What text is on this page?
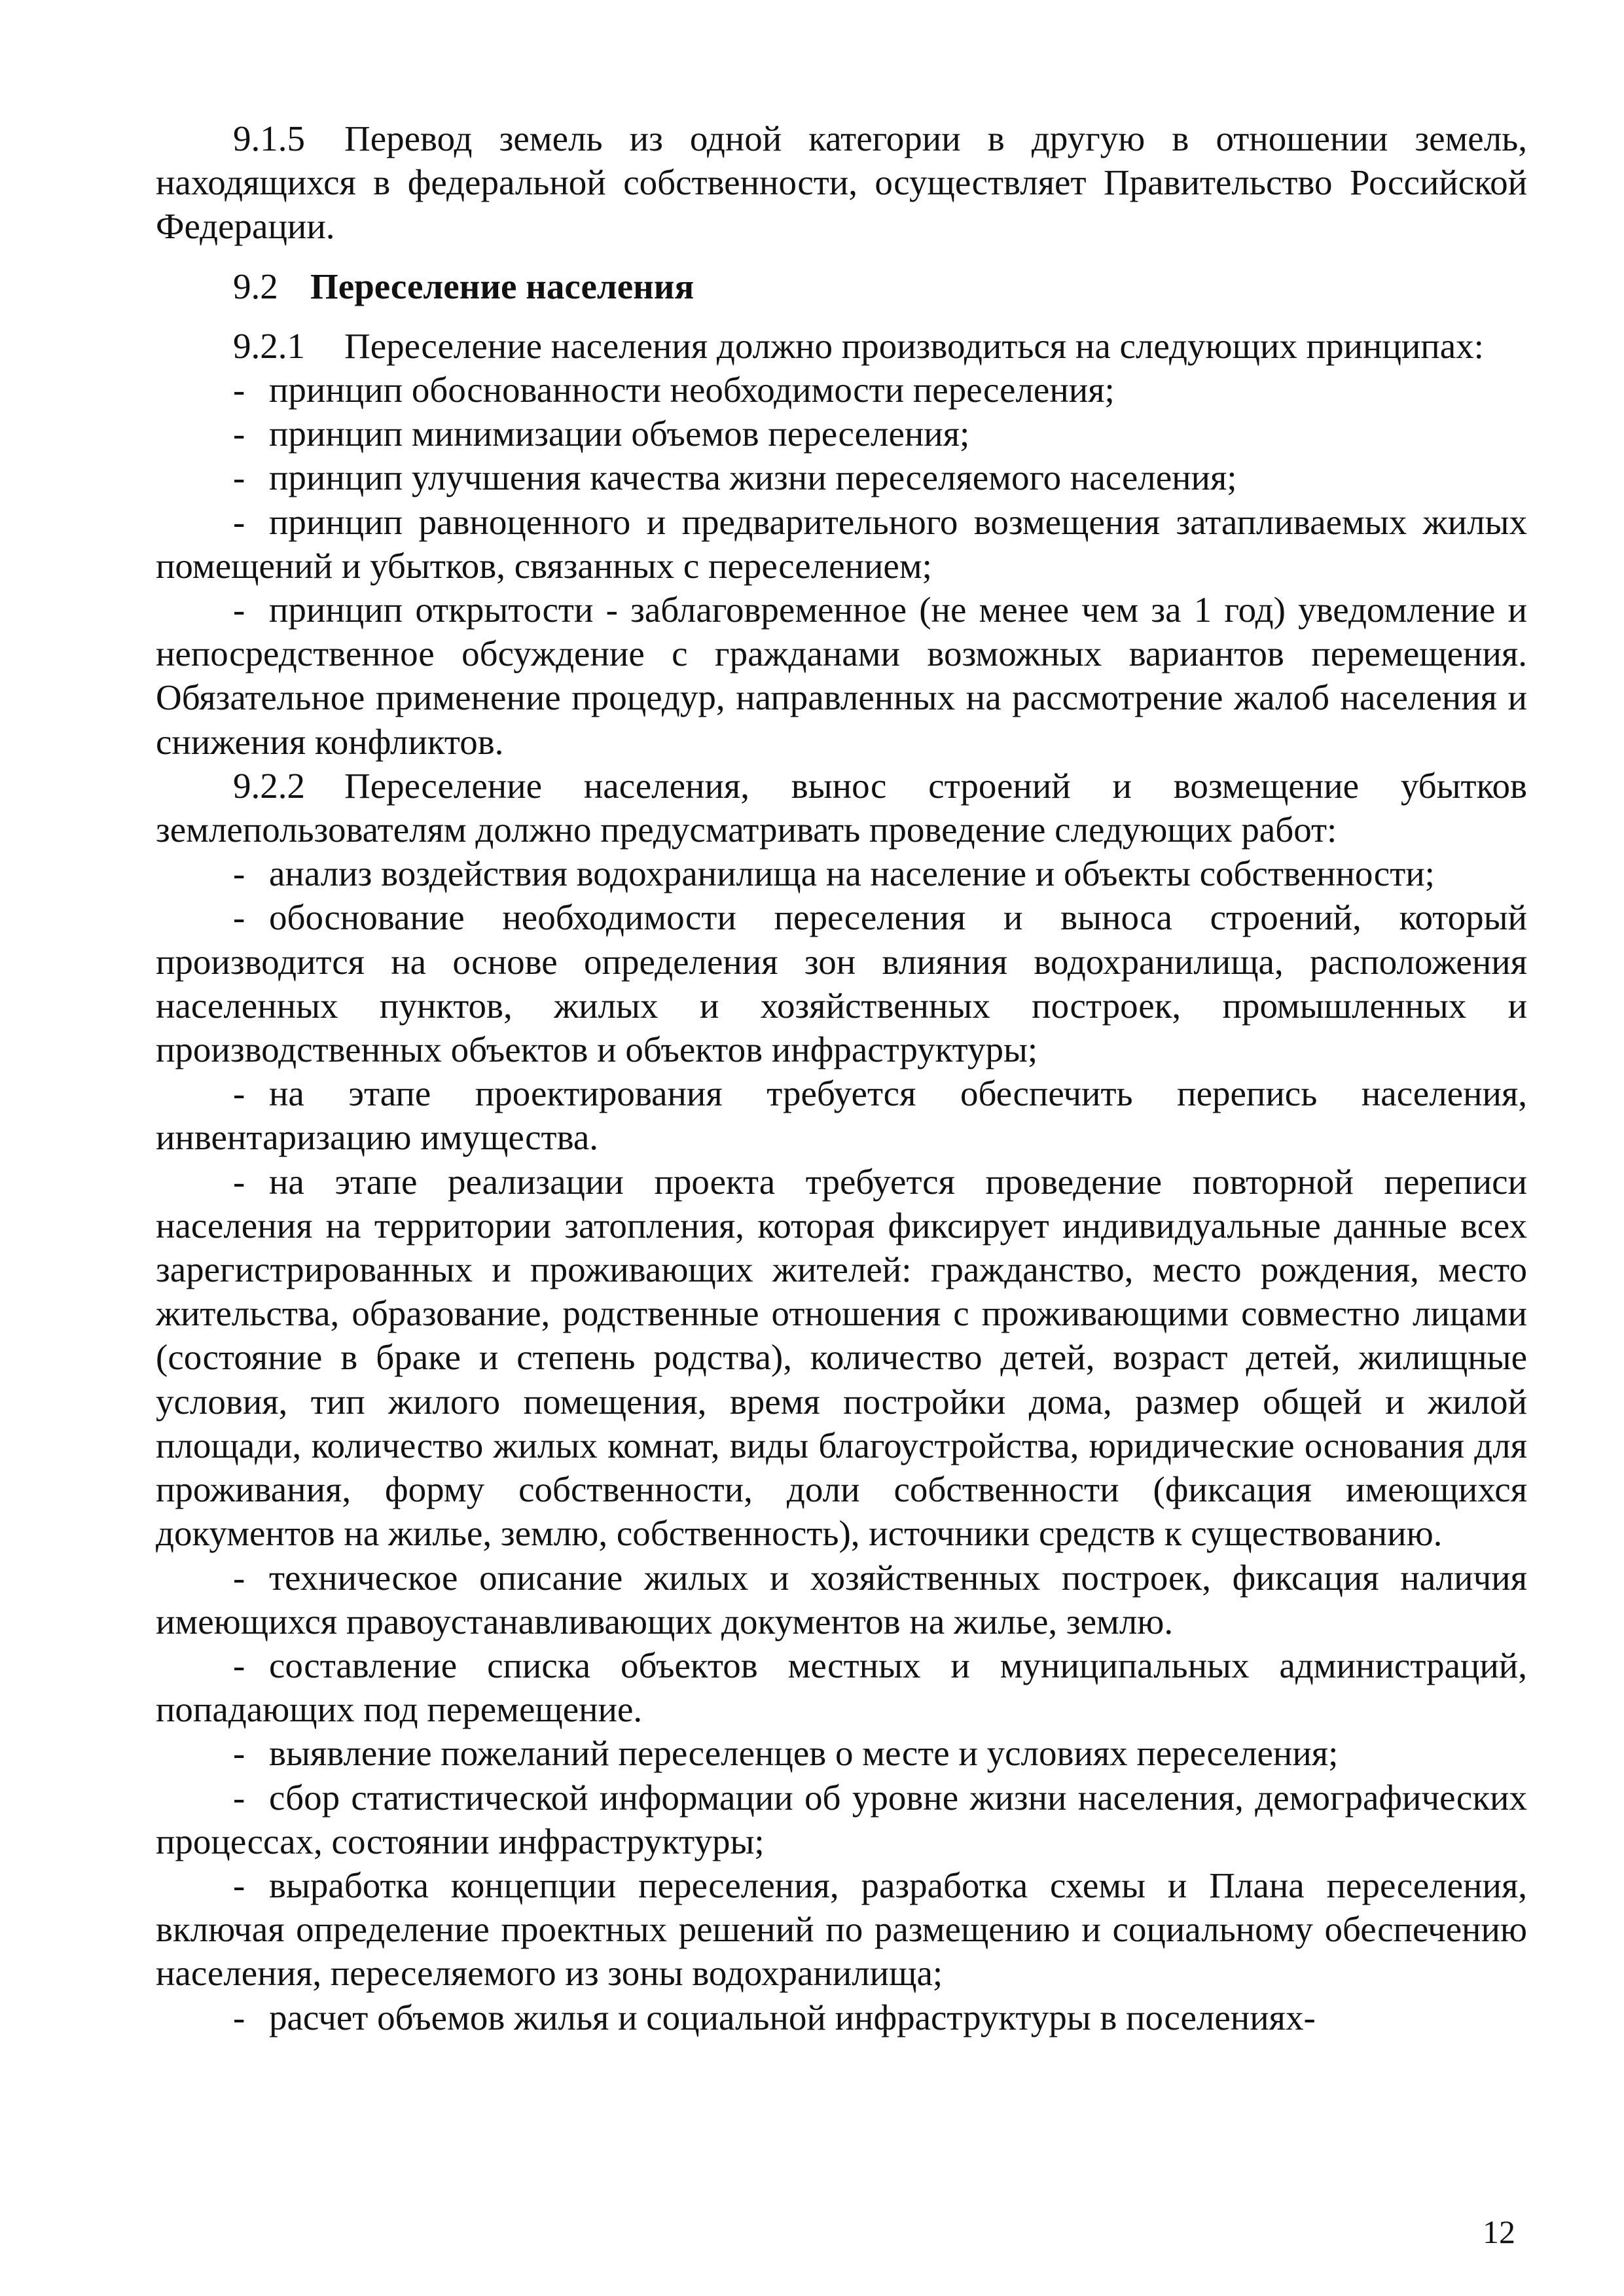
9.1.5 Перевод земель из одной категории в другую в отношении земель, находящихся в федеральной собственности, осуществляет Правительство Российской Федерации.

9.2 Переселение населения

9.2.1 Переселение населения должно производиться на следующих принципах:

- принцип обоснованности необходимости переселения;

- принцип минимизации объемов переселения;

- принцип улучшения качества жизни переселяемого населения;

- принцип равноценного и предварительного возмещения затапливаемых жилых помещений и убытков, связанных с переселением;

- принцип открытости - заблаговременное (не менее чем за 1 год) уведомление и непосредственное обсуждение с гражданами возможных вариантов перемещения. Обязательное применение процедур, направленных на рассмотрение жалоб населения и снижения конфликтов.

9.2.2 Переселение населения, вынос строений и возмещение убытков землепользователям должно предусматривать проведение следующих работ:

- анализ воздействия водохранилища на население и объекты собственности;

- обоснование необходимости переселения и выноса строений, который производится на основе определения зон влияния водохранилища, расположения населенных пунктов, жилых и хозяйственных построек, промышленных и производственных объектов и объектов инфраструктуры;

- на этапе проектирования требуется обеспечить перепись населения, инвентаризацию имущества.

- на этапе реализации проекта требуется проведение повторной переписи населения на территории затопления, которая фиксирует индивидуальные данные всех зарегистрированных и проживающих жителей: гражданство, место рождения, место жительства, образование, родственные отношения с проживающими совместно лицами (состояние в браке и степень родства), количество детей, возраст детей, жилищные условия, тип жилого помещения, время постройки дома, размер общей и жилой площади, количество жилых комнат, виды благоустройства, юридические основания для проживания, форму собственности, доли собственности (фиксация имеющихся документов на жилье, землю, собственность), источники средств к существованию.

- техническое описание жилых и хозяйственных построек, фиксация наличия имеющихся правоустанавливающих документов на жилье, землю.

- составление списка объектов местных и муниципальных администраций, попадающих под перемещение.

- выявление пожеланий переселенцев о месте и условиях переселения;

- сбор статистической информации об уровне жизни населения, демографических процессах, состоянии инфраструктуры;

- выработка концепции переселения, разработка схемы и Плана переселения, включая определение проектных решений по размещению и социальному обеспечению населения, переселяемого из зоны водохранилища;

- расчет объемов жилья и социальной инфраструктуры в поселениях-

12
